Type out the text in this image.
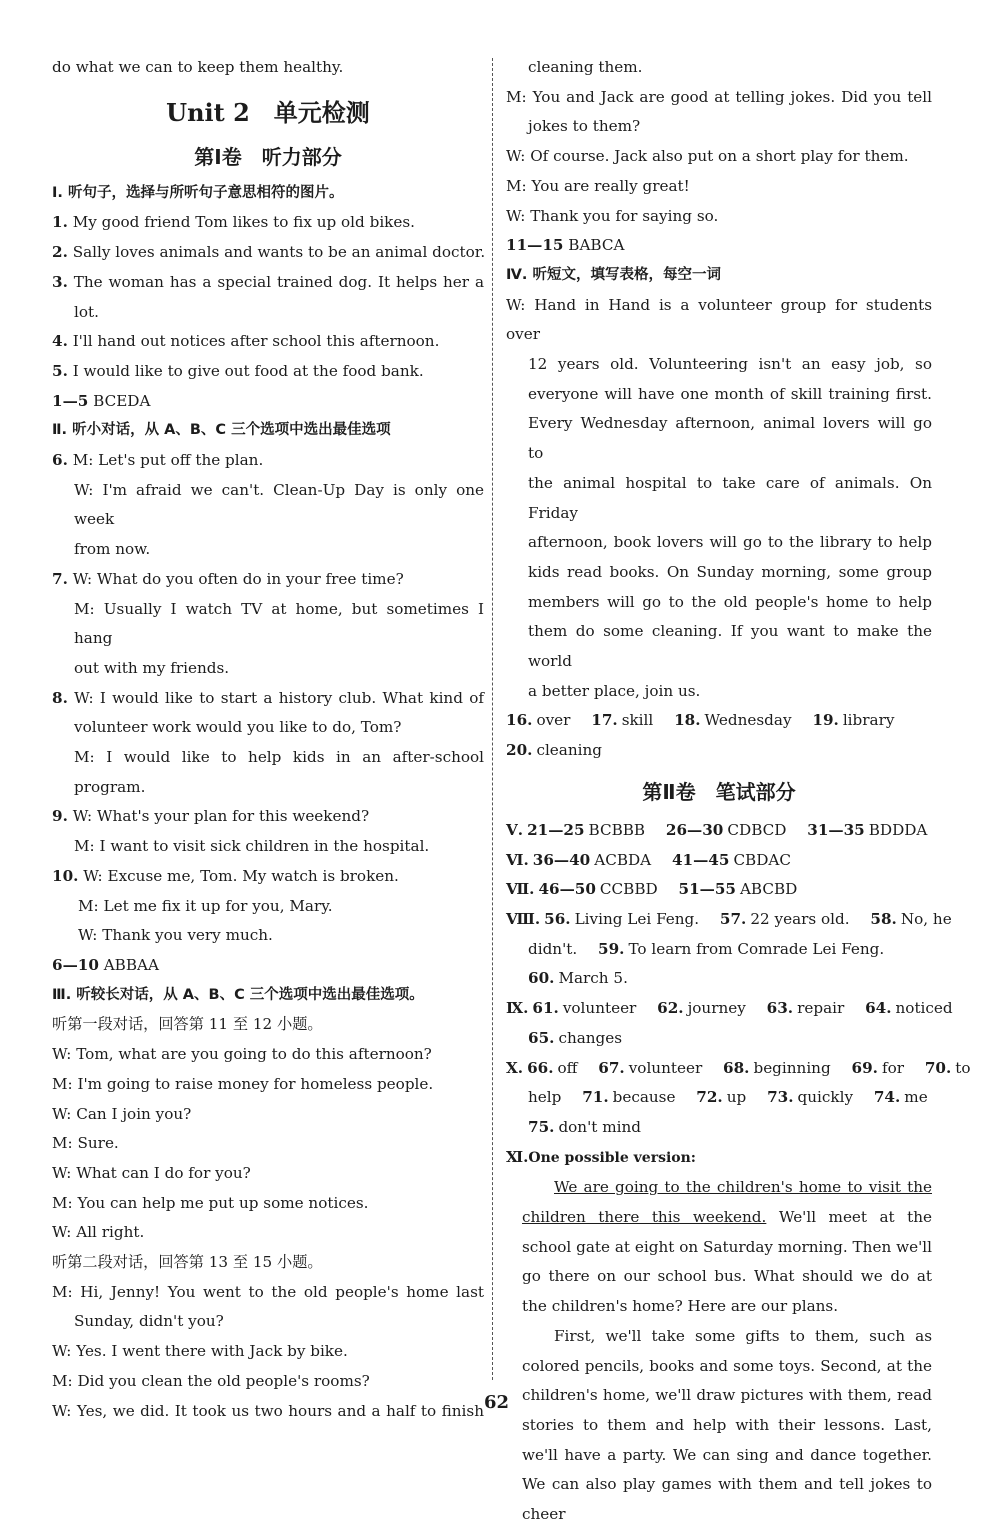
do what we can to keep them healthy.
Unit 2　单元检测
第Ⅰ卷　听力部分
Ⅰ. 听句子，选择与所听句子意思相符的图片。
1. My good friend Tom likes to fix up old bikes.
2. Sally loves animals and wants to be an animal doctor.
3. The woman has a special trained dog. It helps her a
lot.
4. I'll hand out notices after school this afternoon.
5. I would like to give out food at the food bank.
1—5 BCEDA
Ⅱ. 听小对话，从 A、B、C 三个选项中选出最佳选项
6. M: Let's put off the plan.
W: I'm afraid we can't. Clean-Up Day is only one week
from now.
7. W: What do you often do in your free time?
M: Usually I watch TV at home, but sometimes I hang
out with my friends.
8. W: I would like to start a history club. What kind of
volunteer work would you like to do, Tom?
M: I would like to help kids in an after-school
program.
9. W: What's your plan for this weekend?
M: I want to visit sick children in the hospital.
10. W: Excuse me, Tom. My watch is broken.
M: Let me fix it up for you, Mary.
W: Thank you very much.
6—10 ABBAA
Ⅲ. 听较长对话，从 A、B、C 三个选项中选出最佳选项。
听第一段对话，回答第 11 至 12 小题。
W: Tom, what are you going to do this afternoon?
M: I'm going to raise money for homeless people.
W: Can I join you?
M: Sure.
W: What can I do for you?
M: You can help me put up some notices.
W: All right.
听第二段对话，回答第 13 至 15 小题。
M: Hi, Jenny! You went to the old people's home last
Sunday, didn't you?
W: Yes. I went there with Jack by bike.
M: Did you clean the old people's rooms?
W: Yes, we did. It took us two hours and a half to finish
cleaning them.
M: You and Jack are good at telling jokes. Did you tell
jokes to them?
W: Of course. Jack also put on a short play for them.
M: You are really great!
W: Thank you for saying so.
11—15 BABCA
Ⅳ. 听短文，填写表格，每空一词
W: Hand in Hand is a volunteer group for students over
12 years old. Volunteering isn't an easy job, so
everyone will have one month of skill training first.
Every Wednesday afternoon, animal lovers will go to
the animal hospital to take care of animals. On Friday
afternoon, book lovers will go to the library to help
kids read books. On Sunday morning, some group
members will go to the old people's home to help
them do some cleaning. If you want to make the world
a better place, join us.
16. over 17. skill 18. Wednesday 19. library
20. cleaning
第Ⅱ卷　笔试部分
Ⅴ. 21—25 BCBBB 26—30 CDBCD 31—35 BDDDA
Ⅵ. 36—40 ACBDA 41—45 CBDAC
Ⅶ. 46—50 CCBBD 51—55 ABCBD
Ⅷ. 56. Living Lei Feng. 57. 22 years old. 58. No, he
didn't. 59. To learn from Comrade Lei Feng.
60. March 5.
Ⅸ. 61. volunteer 62. journey 63. repair 64. noticed
65. changes
Ⅹ. 66. off 67. volunteer 68. beginning 69. for 70. to
help 71. because 72. up 73. quickly 74. me
75. don't mind
Ⅺ.One possible version:

We are going to the children's home to visit the children there this weekend. We'll meet at the school gate at eight on Saturday morning. Then we'll go there on our school bus. What should we do at the children's home? Here are our plans.

First, we'll take some gifts to them, such as colored pencils, books and some toys. Second, at the children's home, we'll draw pictures with them, read stories to them and help with their lessons. Last, we'll have a party. We can sing and dance together. We can also play games with them and tell jokes to cheer

62
